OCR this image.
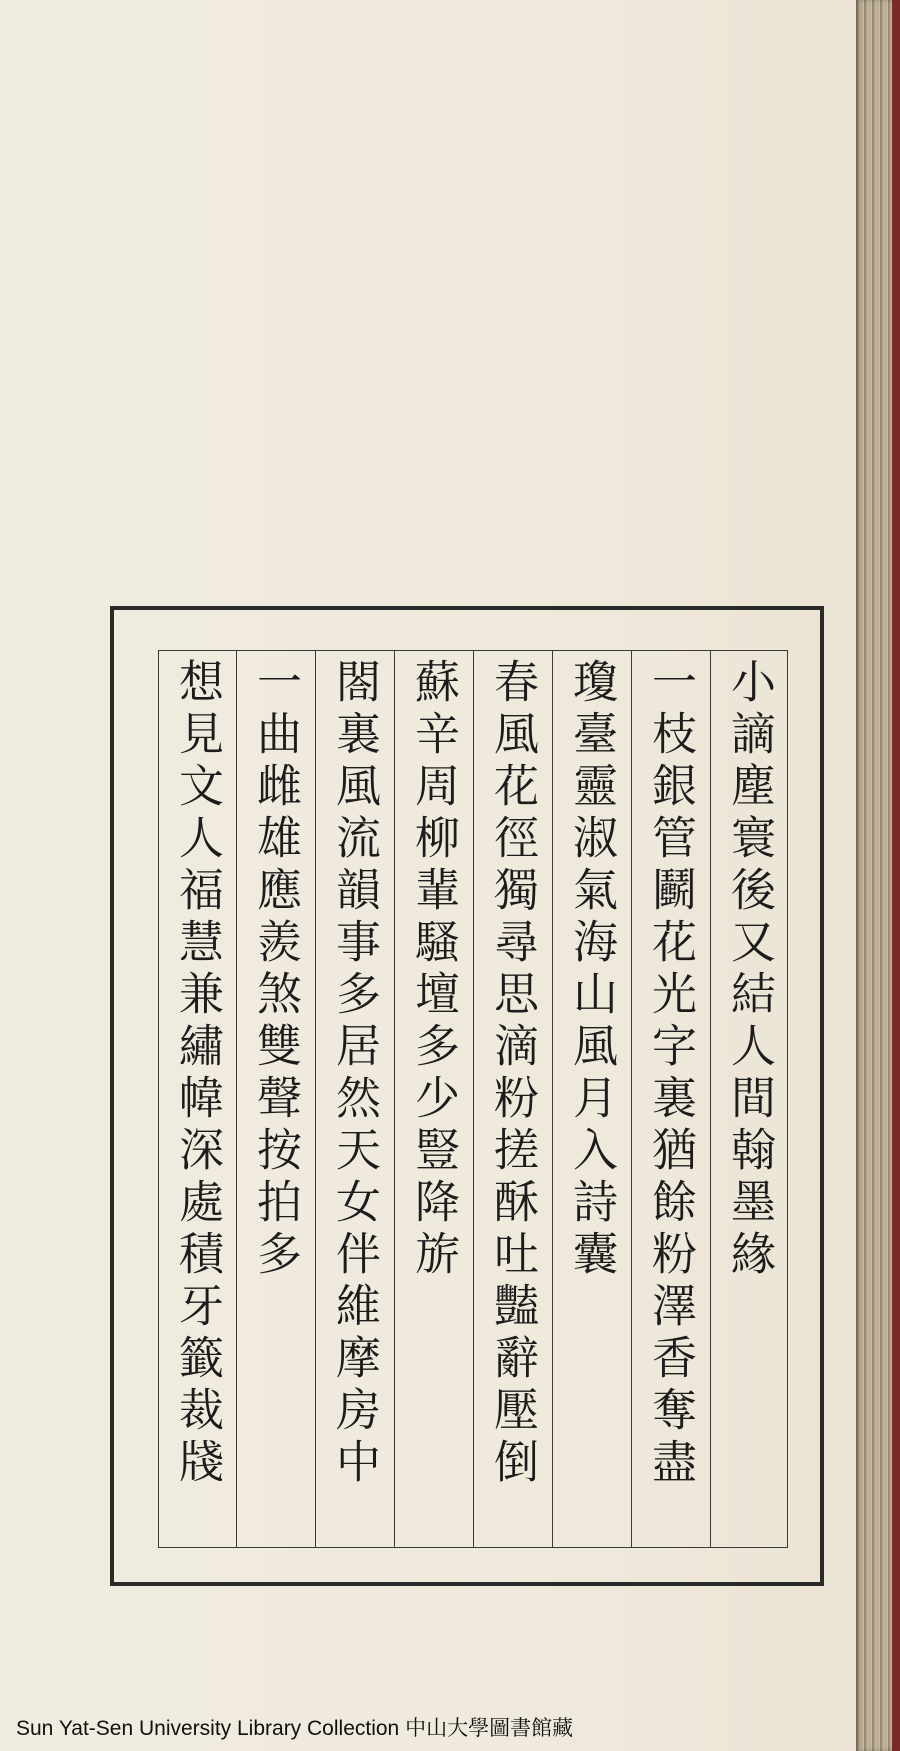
小謫塵寰後又結人間翰墨緣
一枝銀管鬬花光字裏猶餘粉澤香奪盡
瓊臺靈淑氣海山風月入詩囊
春風花徑獨尋思滴粉搓酥吐豔辭壓倒
蘇辛周柳輩騷壇多少豎降旂
閤裏風流韻事多居然天女伴維摩房中
一曲雌雄應羨煞雙聲按拍多
想見文人福慧兼繡幃深處積牙籤裁牋
Sun Yat-Sen University Library Collection 中山大學圖書館藏
